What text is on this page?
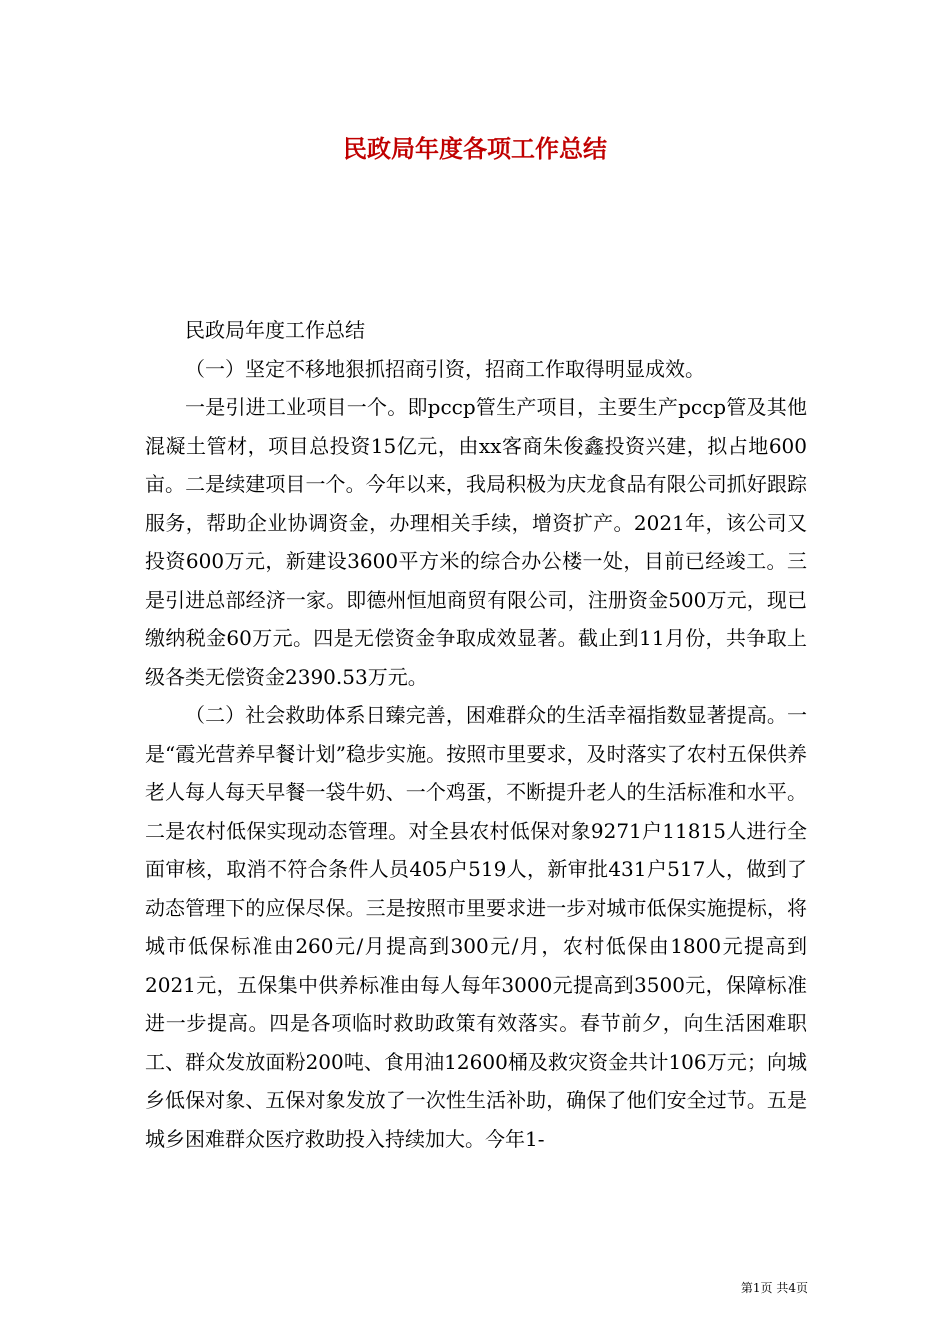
民政局年度各项工作总结

民政局年度工作总结

（一）坚定不移地狠抓招商引资，招商工作取得明显成效。

一是引进工业项目一个。即pccp管生产项目，主要生产pccp管及其他混凝土管材，项目总投资15亿元，由xx客商朱俊鑫投资兴建，拟占地600亩。二是续建项目一个。今年以来，我局积极为庆龙食品有限公司抓好跟踪服务，帮助企业协调资金，办理相关手续，增资扩产。2021年，该公司又投资600万元，新建设3600平方米的综合办公楼一处，目前已经竣工。三是引进总部经济一家。即德州恒旭商贸有限公司，注册资金500万元，现已缴纳税金60万元。四是无偿资金争取成效显著。截止到11月份，共争取上级各类无偿资金2390.53万元。

（二）社会救助体系日臻完善，困难群众的生活幸福指数显著提高。一是“霞光营养早餐计划”稳步实施。按照市里要求，及时落实了农村五保供养老人每人每天早餐一袋牛奶、一个鸡蛋，不断提升老人的生活标准和水平。二是农村低保实现动态管理。对全县农村低保对象9271户11815人进行全面审核，取消不符合条件人员405户519人，新审批431户517人，做到了动态管理下的应保尽保。三是按照市里要求进一步对城市低保实施提标，将城市低保标准由260元/月提高到300元/月，农村低保由1800元提高到2021元，五保集中供养标准由每人每年3000元提高到3500元，保障标准进一步提高。四是各项临时救助政策有效落实。春节前夕，向生活困难职工、群众发放面粉200吨、食用油12600桶及救灾资金共计106万元；向城乡低保对象、五保对象发放了一次性生活补助，确保了他们安全过节。五是城乡困难群众医疗救助投入持续加大。今年1-

第1页 共4页
